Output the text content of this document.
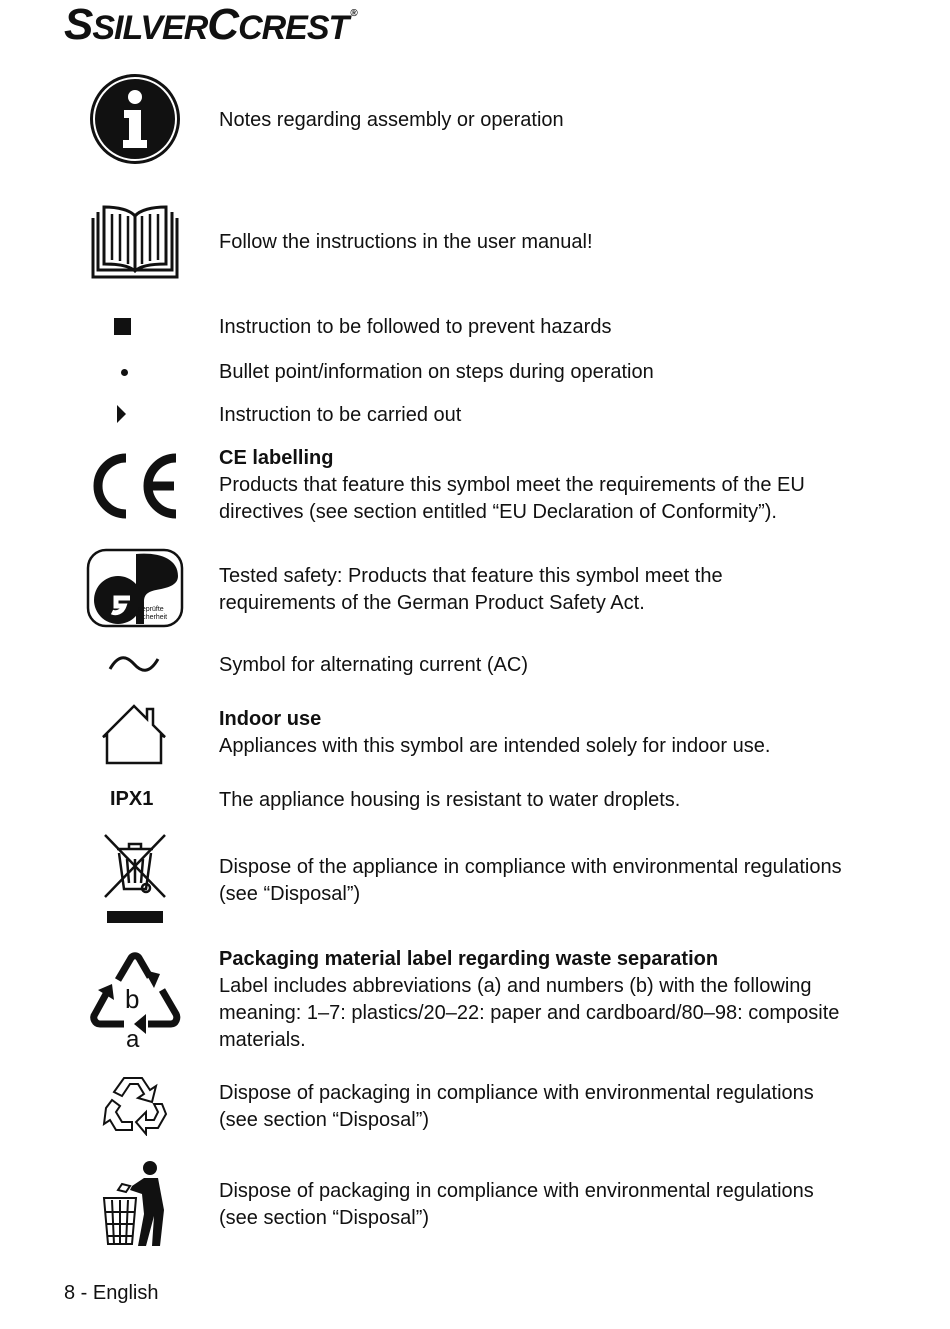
SSILVERCCREST ®

Notes regarding assembly or operation

Follow the instructions in the user manual!

Instruction to be followed to prevent hazards

Bullet point/information on steps during operation

Instruction to be carried out

CE labelling
Products that feature this symbol meet the requirements of the EU directives (see section entitled “EU Declaration of Conformity”).
geprüfte
Sicherheit

Tested safety: Products that feature this symbol meet the requirements of the German Product Safety Act.

Symbol for alternating current (AC)

Indoor use
Appliances with this symbol are intended solely for indoor use.
IPX1	The appliance housing is resistant to water droplets.

Dispose of the appliance in compliance with environmental regulations (see “Disposal”)

b
a
Packaging material label regarding waste separation
Label includes abbreviations (a) and numbers (b) with the following meaning: 1–7: plastics/20–22: paper and cardboard/80–98: composite materials.

Dispose of packaging in compliance with environmental regulations (see section “Disposal”)

Dispose of packaging in compliance with environmental regulations (see section “Disposal”)

8 - English
